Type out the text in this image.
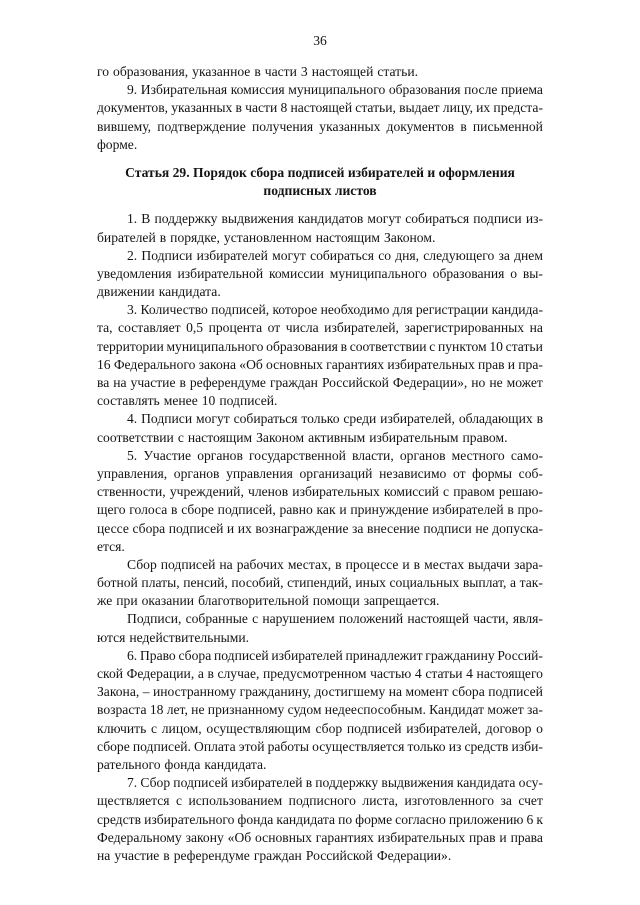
36
го образования, указанное в части 3 настоящей статьи.
9. Избирательная комиссия муниципального образования после приема
документов, указанных в части 8 настоящей статьи, выдает лицу, их предста-
вившему, подтверждение получения указанных документов в письменной
форме.
Статья 29. Порядок сбора подписей избирателей и оформления
подписных листов
1. В поддержку выдвижения кандидатов могут собираться подписи из-
бирателей в порядке, установленном настоящим Законом.
2. Подписи избирателей могут собираться со дня, следующего за днем
уведомления избирательной комиссии муниципального образования о вы-
движении кандидата.
3. Количество подписей, которое необходимо для регистрации кандида-
та, составляет 0,5 процента от числа избирателей, зарегистрированных на
территории муниципального образования в соответствии с пунктом 10 статьи
16 Федерального закона «Об основных гарантиях избирательных прав и пра-
ва на участие в референдуме граждан Российской Федерации», но не может
составлять менее 10 подписей.
4. Подписи могут собираться только среди избирателей, обладающих в
соответствии с настоящим Законом активным избирательным правом.
5. Участие органов государственной власти, органов местного само-
управления, органов управления организаций независимо от формы соб-
ственности, учреждений, членов избирательных комиссий с правом решаю-
щего голоса в сборе подписей, равно как и принуждение избирателей в про-
цессе сбора подписей и их вознаграждение за внесение подписи не допуска-
ется.
Сбор подписей на рабочих местах, в процессе и в местах выдачи зара-
ботной платы, пенсий, пособий, стипендий, иных социальных выплат, а так-
же при оказании благотворительной помощи запрещается.
Подписи, собранные с нарушением положений настоящей части, явля-
ются недействительными.
6. Право сбора подписей избирателей принадлежит гражданину Россий-
ской Федерации, а в случае, предусмотренном частью 4 статьи 4 настоящего
Закона, – иностранному гражданину, достигшему на момент сбора подписей
возраста 18 лет, не признанному судом недееспособным. Кандидат может за-
ключить с лицом, осуществляющим сбор подписей избирателей, договор о
сборе подписей. Оплата этой работы осуществляется только из средств изби-
рательного фонда кандидата.
7. Сбор подписей избирателей в поддержку выдвижения кандидата осу-
ществляется с использованием подписного листа, изготовленного за счет
средств избирательного фонда кандидата по форме согласно приложению 6 к
Федеральному закону «Об основных гарантиях избирательных прав и права
на участие в референдуме граждан Российской Федерации».
